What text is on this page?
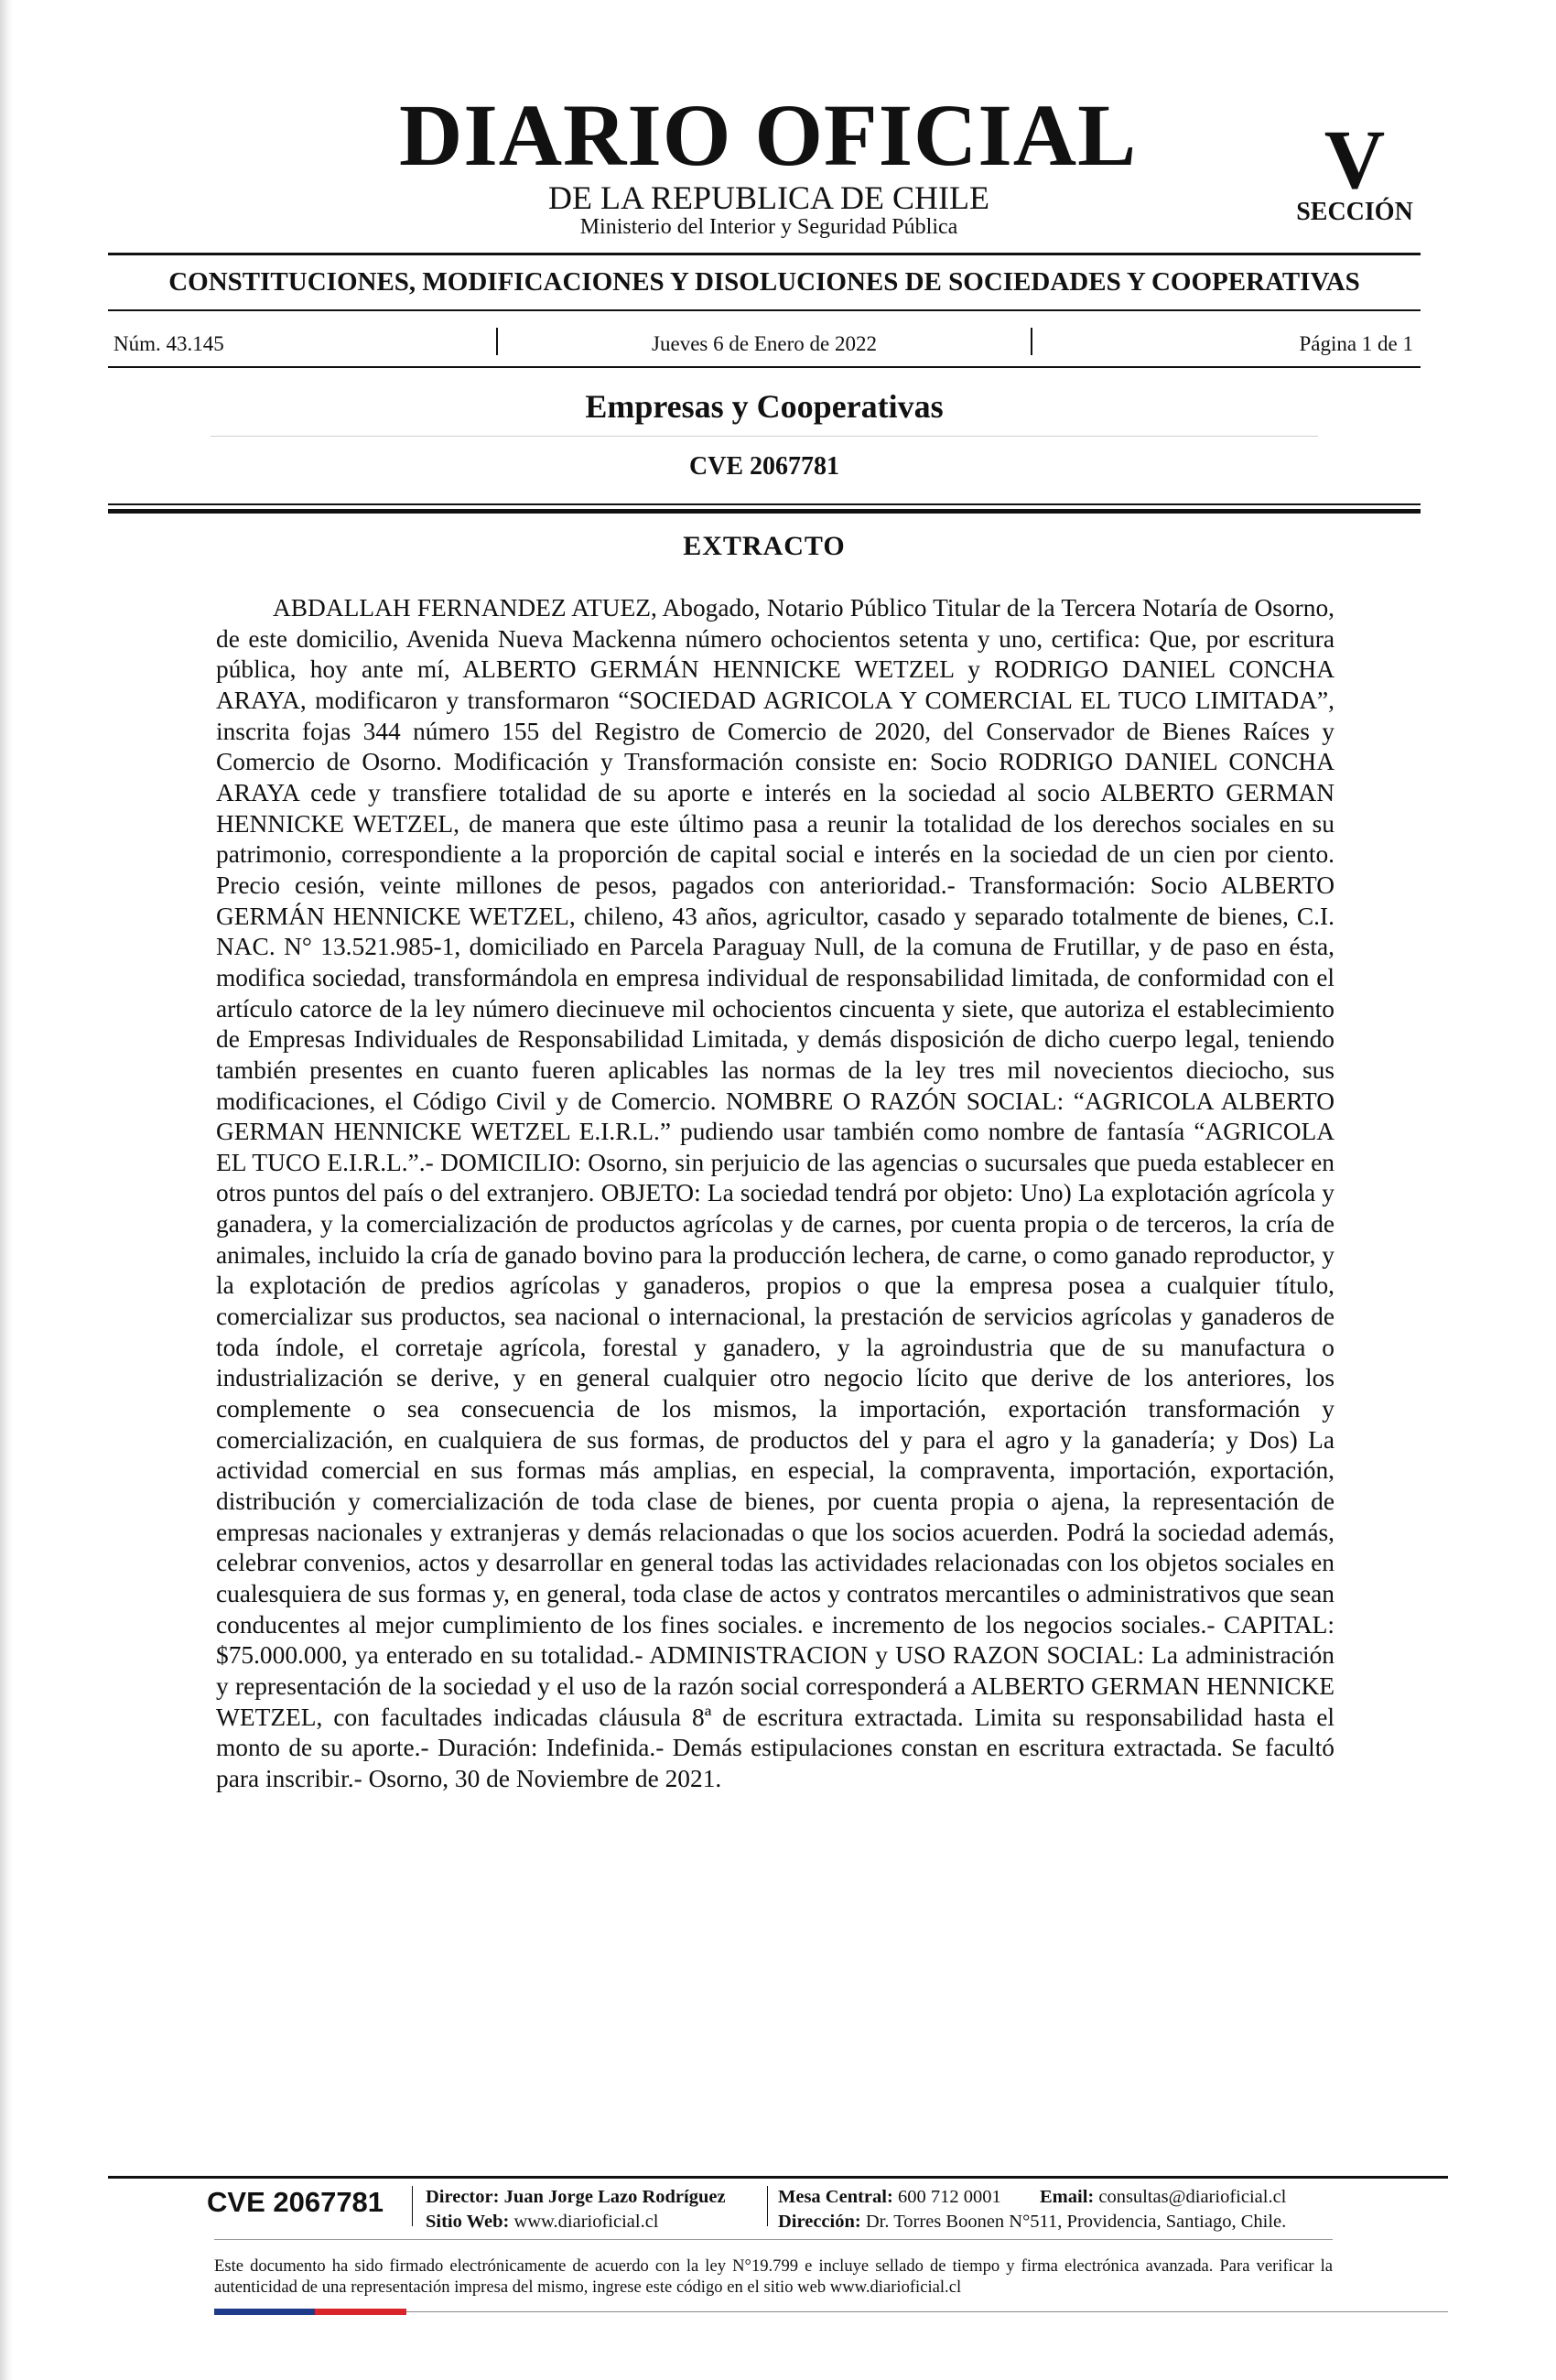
DIARIO OFICIAL
DE LA REPUBLICA DE CHILE
Ministerio del Interior y Seguridad Pública
V
SECCIÓN
CONSTITUCIONES, MODIFICACIONES Y DISOLUCIONES DE SOCIEDADES Y COOPERATIVAS
Núm. 43.145	Jueves 6 de Enero de 2022	Página 1 de 1
Empresas y Cooperativas
CVE 2067781
EXTRACTO

ABDALLAH FERNANDEZ ATUEZ, Abogado, Notario Público Titular de la Tercera Notaría de Osorno, de este domicilio, Avenida Nueva Mackenna número ochocientos setenta y uno, certifica: Que, por escritura pública, hoy ante mí, ALBERTO GERMÁN HENNICKE WETZEL y RODRIGO DANIEL CONCHA ARAYA, modificaron y transformaron “SOCIEDAD AGRICOLA Y COMERCIAL EL TUCO LIMITADA”, inscrita fojas 344 número 155 del Registro de Comercio de 2020, del Conservador de Bienes Raíces y Comercio de Osorno. Modificación y Transformación consiste en: Socio RODRIGO DANIEL CONCHA ARAYA cede y transfiere totalidad de su aporte e interés en la sociedad al socio ALBERTO GERMAN HENNICKE WETZEL, de manera que este último pasa a reunir la totalidad de los derechos sociales en su patrimonio, correspondiente a la proporción de capital social e interés en la sociedad de un cien por ciento. Precio cesión, veinte millones de pesos, pagados con anterioridad.- Transformación: Socio ALBERTO GERMÁN HENNICKE WETZEL, chileno, 43 años, agricultor, casado y separado totalmente de bienes, C.I. NAC. N° 13.521.985-1, domiciliado en Parcela Paraguay Null, de la comuna de Frutillar, y de paso en ésta, modifica sociedad, transformándola en empresa individual de responsabilidad limitada, de conformidad con el artículo catorce de la ley número diecinueve mil ochocientos cincuenta y siete, que autoriza el establecimiento de Empresas Individuales de Responsabilidad Limitada, y demás disposición de dicho cuerpo legal, teniendo también presentes en cuanto fueren aplicables las normas de la ley tres mil novecientos dieciocho, sus modificaciones, el Código Civil y de Comercio. NOMBRE O RAZÓN SOCIAL: “AGRICOLA ALBERTO GERMAN HENNICKE WETZEL E.I.R.L.” pudiendo usar también como nombre de fantasía “AGRICOLA EL TUCO E.I.R.L.”.- DOMICILIO: Osorno, sin perjuicio de las agencias o sucursales que pueda establecer en otros puntos del país o del extranjero. OBJETO: La sociedad tendrá por objeto: Uno) La explotación agrícola y ganadera, y la comercialización de productos agrícolas y de carnes, por cuenta propia o de terceros, la cría de animales, incluido la cría de ganado bovino para la producción lechera, de carne, o como ganado reproductor, y la explotación de predios agrícolas y ganaderos, propios o que la empresa posea a cualquier título, comercializar sus productos, sea nacional o internacional, la prestación de servicios agrícolas y ganaderos de toda índole, el corretaje agrícola, forestal y ganadero, y la agroindustria que de su manufactura o industrialización se derive, y en general cualquier otro negocio lícito que derive de los anteriores, los complemente o sea consecuencia de los mismos, la importación, exportación transformación y comercialización, en cualquiera de sus formas, de productos del y para el agro y la ganadería; y Dos) La actividad comercial en sus formas más amplias, en especial, la compraventa, importación, exportación, distribución y comercialización de toda clase de bienes, por cuenta propia o ajena, la representación de empresas nacionales y extranjeras y demás relacionadas o que los socios acuerden. Podrá la sociedad además, celebrar convenios, actos y desarrollar en general todas las actividades relacionadas con los objetos sociales en cualesquiera de sus formas y, en general, toda clase de actos y contratos mercantiles o administrativos que sean conducentes al mejor cumplimiento de los fines sociales. e incremento de los negocios sociales.- CAPITAL: $75.000.000, ya enterado en su totalidad.- ADMINISTRACION y USO RAZON SOCIAL: La administración y representación de la sociedad y el uso de la razón social corresponderá a ALBERTO GERMAN HENNICKE WETZEL, con facultades indicadas cláusula 8ª de escritura extractada. Limita su responsabilidad hasta el monto de su aporte.- Duración: Indefinida.- Demás estipulaciones constan en escritura extractada. Se facultó para inscribir.- Osorno, 30 de Noviembre de 2021.

CVE 2067781	Director: Juan Jorge Lazo Rodríguez
Sitio Web: www.diarioficial.cl
Mesa Central: 600 712 0001 Email: consultas@diarioficial.cl
Dirección: Dr. Torres Boonen N°511, Providencia, Santiago, Chile.

Este documento ha sido firmado electrónicamente de acuerdo con la ley N°19.799 e incluye sellado de tiempo y firma electrónica avanzada. Para verificar la autenticidad de una representación impresa del mismo, ingrese este código en el sitio web www.diarioficial.cl
